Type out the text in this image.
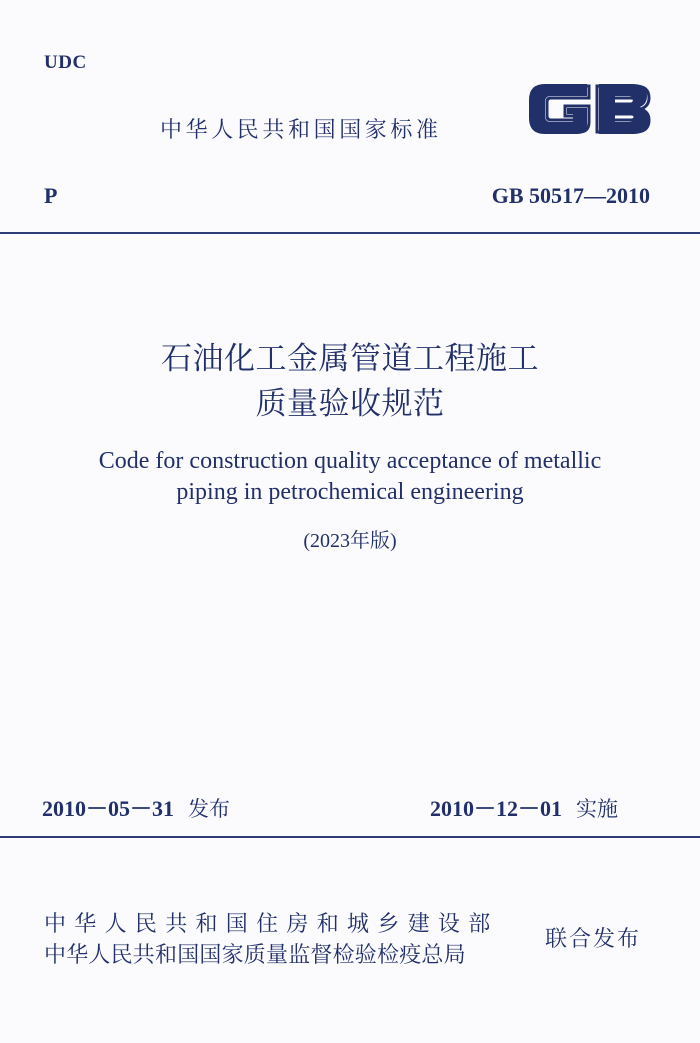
UDC
中华人民共和国国家标准
P	GB 50517—2010
石油化工金属管道工程施工
质量验收规范
Code for construction quality acceptance of metallic
piping in petrochemical engineering
(2023年版)
2010－05－31 发布	2010－12－01 实施
中华人民共和国住房和城乡建设部
中华人民共和国国家质量监督检验检疫总局
联合发布
